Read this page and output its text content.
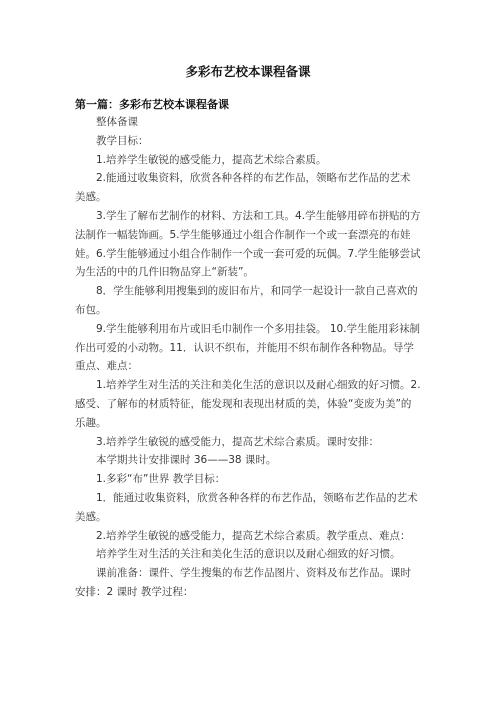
多彩布艺校本课程备课
第一篇：多彩布艺校本课程备课

整体备课

教学目标：

1.培养学生敏锐的感受能力，提高艺术综合素质。

2.能通过收集资料，欣赏各种各样的布艺作品，领略布艺作品的艺术美感。

3.学生了解布艺制作的材料、方法和工具。4.学生能够用碎布拼贴的方法制作一幅装饰画。5.学生能够通过小组合作制作一个或一套漂亮的布娃娃。6.学生能够通过小组合作制作一个或一套可爱的玩偶。7.学生能够尝试为生活的中的几件旧物品穿上“新装”。

8．学生能够利用搜集到的废旧布片，和同学一起设计一款自己喜欢的布包。

9.学生能够利用布片或旧毛巾制作一个多用挂袋。 10.学生能用彩袜制作出可爱的小动物。11．认识不织布，并能用不织布制作各种物品。导学重点、难点：

1.培养学生对生活的关注和美化生活的意识以及耐心细致的好习惯。2.感受、了解布的材质特征，能发现和表现出材质的美，体验“变废为美”的乐趣。

3.培养学生敏锐的感受能力，提高艺术综合素质。课时安排：

本学期共计安排课时 36——38 课时。

1.多彩“布”世界 教学目标：

1．能通过收集资料，欣赏各种各样的布艺作品，领略布艺作品的艺术美感。

2.培养学生敏锐的感受能力，提高艺术综合素质。教学重点、难点：

培养学生对生活的关注和美化生活的意识以及耐心细致的好习惯。

课前准备：课件、学生搜集的布艺作品图片、资料及布艺作品。课时安排：2 课时 教学过程：
